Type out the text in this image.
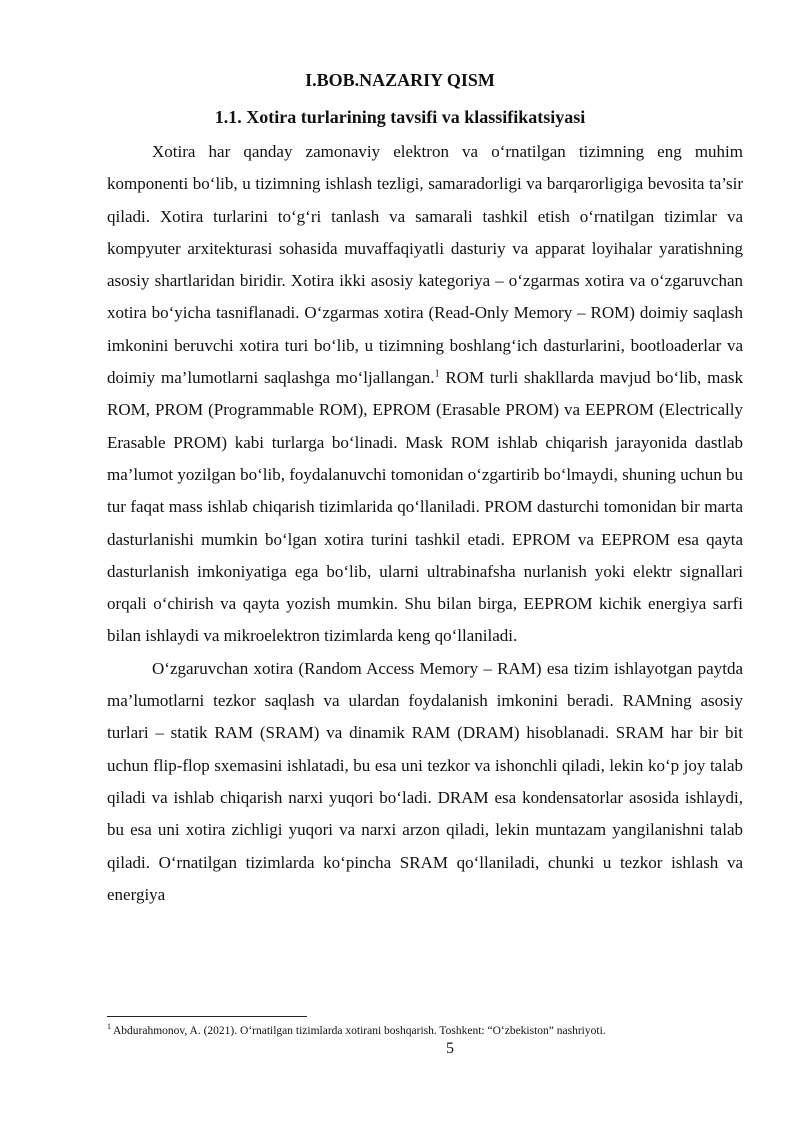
I.BOB.NAZARIY QISM
1.1. Xotira turlarining tavsifi va klassifikatsiyasi

Xotira har qanday zamonaviy elektron va o‘rnatilgan tizimning eng muhim komponenti bo‘lib, u tizimning ishlash tezligi, samaradorligi va barqarorligiga bevosita ta’sir qiladi. Xotira turlarini to‘g‘ri tanlash va samarali tashkil etish o‘rnatilgan tizimlar va kompyuter arxitekturasi sohasida muvaffaqiyatli dasturiy va apparat loyihalar yaratishning asosiy shartlaridan biridir. Xotira ikki asosiy kategoriya – o‘zgarmas xotira va o‘zgaruvchan xotira bo‘yicha tasniflanadi. O‘zgarmas xotira (Read-Only Memory – ROM) doimiy saqlash imkonini beruvchi xotira turi bo‘lib, u tizimning boshlang‘ich dasturlarini, bootloaderlar va doimiy ma’lumotlarni saqlashga mo‘ljallangan.$^1$ ROM turli shakllarda mavjud bo‘lib, mask ROM, PROM (Programmable ROM), EPROM (Erasable PROM) va EEPROM (Electrically Erasable PROM) kabi turlarga bo‘linadi. Mask ROM ishlab chiqarish jarayonida dastlab ma’lumot yozilgan bo‘lib, foydalanuvchi tomonidan o‘zgartirib bo‘lmaydi, shuning uchun bu tur faqat mass ishlab chiqarish tizimlarida qo‘llaniladi. PROM dasturchi tomonidan bir marta dasturlanishi mumkin bo‘lgan xotira turini tashkil etadi. EPROM va EEPROM esa qayta dasturlanish imkoniyatiga ega bo‘lib, ularni ultrabinafsha nurlanish yoki elektr signallari orqali o‘chirish va qayta yozish mumkin. Shu bilan birga, EEPROM kichik energiya sarfi bilan ishlaydi va mikroelektron tizimlarda keng qo‘llaniladi.

O‘zgaruvchan xotira (Random Access Memory – RAM) esa tizim ishlayotgan paytda ma’lumotlarni tezkor saqlash va ulardan foydalanish imkonini beradi. RAMning asosiy turlari – statik RAM (SRAM) va dinamik RAM (DRAM) hisoblanadi. SRAM har bir bit uchun flip-flop sxemasini ishlatadi, bu esa uni tezkor va ishonchli qiladi, lekin ko‘p joy talab qiladi va ishlab chiqarish narxi yuqori bo‘ladi. DRAM esa kondensatorlar asosida ishlaydi, bu esa uni xotira zichligi yuqori va narxi arzon qiladi, lekin muntazam yangilanishni talab qiladi. O‘rnatilgan tizimlarda ko‘pincha SRAM qo‘llaniladi, chunki u tezkor ishlash va energiya

$^1$ Abdurahmonov, A. (2021). O‘rnatilgan tizimlarda xotirani boshqarish. Toshkent: “O‘zbekiston” nashriyoti.
5
